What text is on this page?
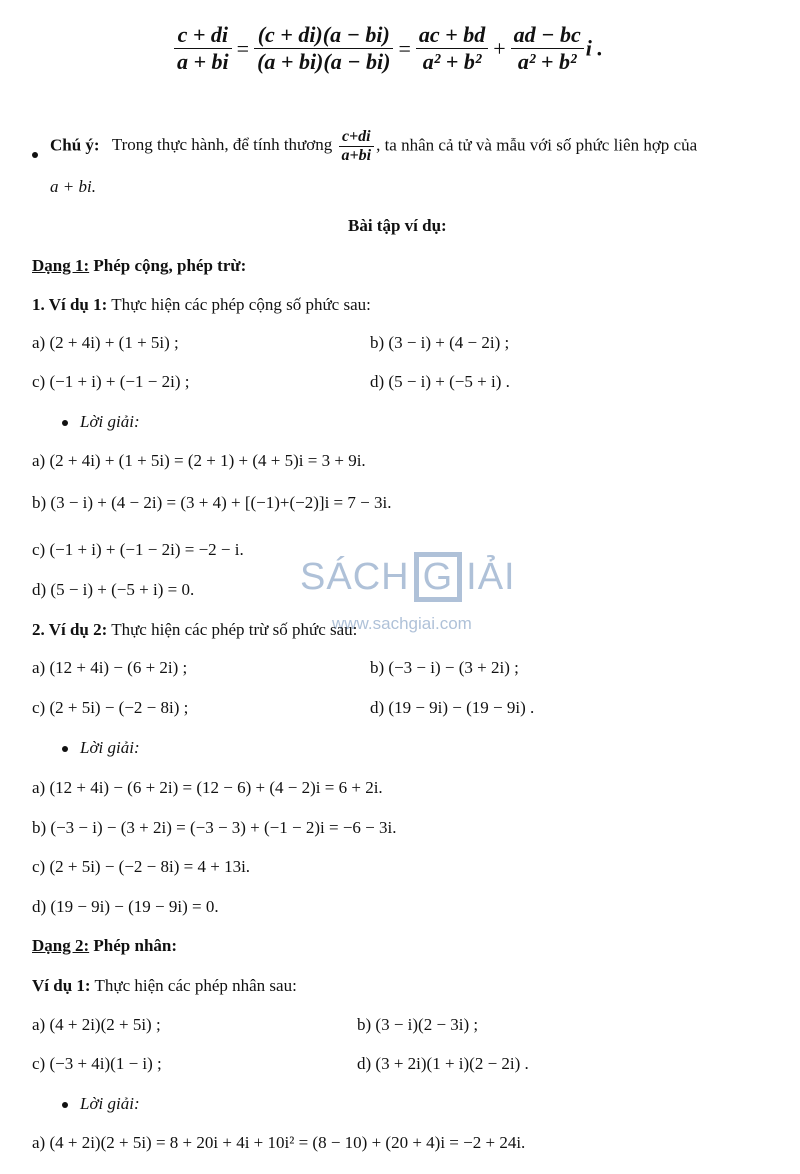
$\frac{c + di}{a + bi} = \frac{(c + di)(a - bi)}{(a + bi)(a - bi)} = \frac{ac + bd}{\text{a² + b²}} + \frac{ad - bc}{\text{a² + b²}}$ i .
Chú ý: Trong thực hành, để tính thương $\frac{c+di}{a+bi}$ , ta nhân cả tử và mẫu với số phức liên hợp của
a + bi.
Bài tập ví dụ:
Dạng 1: Phép cộng, phép trừ:
1. Ví dụ 1: Thực hiện các phép cộng số phức sau:
a) (2 + 4i) + (1 + 5i) ;	b) (3 − i) + (4 − 2i) ;
c) (−1 + i) + (−1 − 2i) ;	d) (5 − i) + (−5 + i) .
Lời giải:
a) (2 + 4i) + (1 + 5i) = (2 + 1) + (4 + 5)i = 3 + 9i.
b) (3 − i) + (4 − 2i) = (3 + 4) + [(−1)+(−2)]i = 7 − 3i.
c) (−1 + i) + (−1 − 2i) = −2 − i.
d) (5 − i) + (−5 + i) = 0.	SÁCH G IẢI
www.sachgiai.com
2. Ví dụ 2: Thực hiện các phép trừ số phức sau:
a) (12 + 4i) − (6 + 2i) ;	b) (−3 − i) − (3 + 2i) ;
c) (2 + 5i) − (−2 − 8i) ;	d) (19 − 9i) − (19 − 9i) .
Lời giải:
a) (12 + 4i) − (6 + 2i) = (12 − 6) + (4 − 2)i = 6 + 2i.
b) (−3 − i) − (3 + 2i) = (−3 − 3) + (−1 − 2)i = −6 − 3i.
c) (2 + 5i) − (−2 − 8i) = 4 + 13i.
d) (19 − 9i) − (19 − 9i) = 0.
Dạng 2: Phép nhân:
Ví dụ 1: Thực hiện các phép nhân sau:
a) (4 + 2i)(2 + 5i) ;	b) (3 − i)(2 − 3i) ;
c) (−3 + 4i)(1 − i) ;	d) (3 + 2i)(1 + i)(2 − 2i) .
Lời giải:
a) (4 + 2i)(2 + 5i) = 8 + 20i + 4i + 10i² = (8 − 10) + (20 + 4)i = −2 + 24i.
